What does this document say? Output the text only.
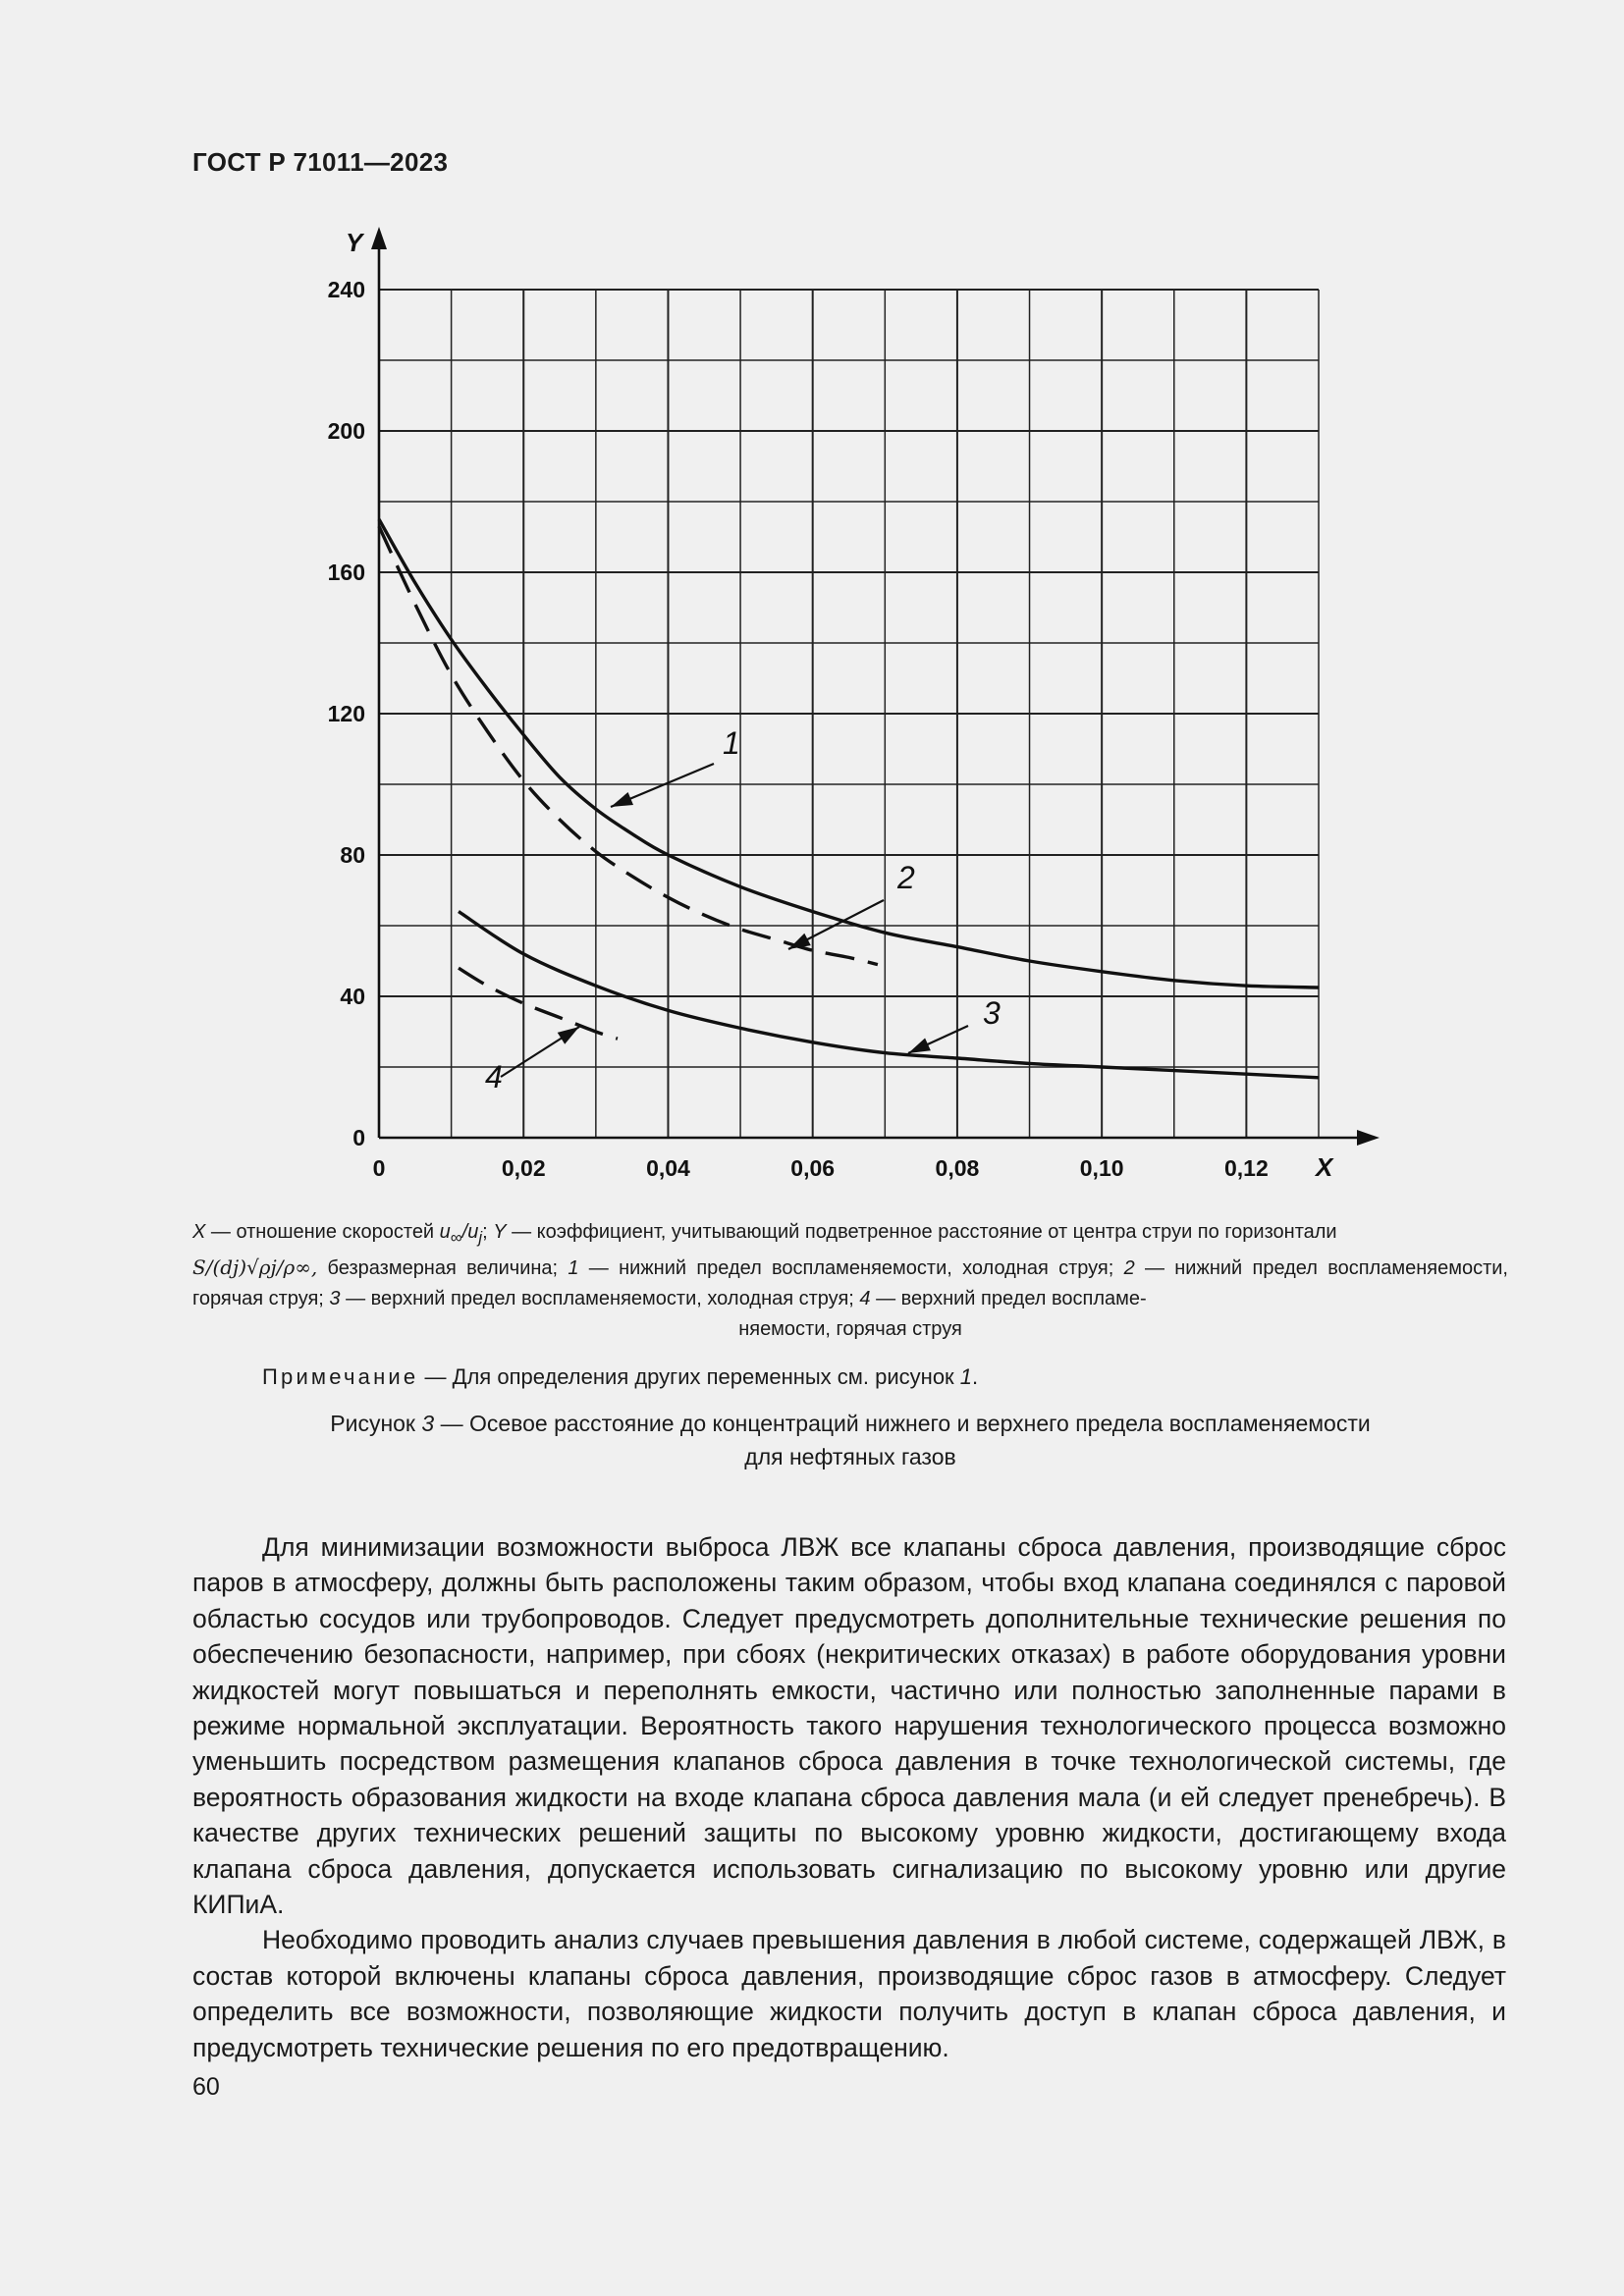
ГОСТ Р 71011—2023
0	0,02	0,04	0,06	0,08	0,10	0,12
0
40
80
120
160
200
240
X
Y
1
2
3
4
X — отношение скоростей $u_\infty/u_j$; Y — коэффициент, учитывающий подветренное расстояние от центра струи по горизонтали
S/(dj)√ρj/ρ∞, безразмерная величина; 1 — нижний предел воспламеняемости, холодная струя; 2 — нижний предел воспламеняемости, горячая струя; 3 — верхний предел воспламеняемости, холодная струя; 4 — верхний предел воспламе-
няемости, горячая струя
Примечание — Для определения других переменных см. рисунок 1.
Рисунок 3 — Осевое расстояние до концентраций нижнего и верхнего предела воспламеняемости
для нефтяных газов

Для минимизации возможности выброса ЛВЖ все клапаны сброса давления, производящие сброс паров в атмосферу, должны быть расположены таким образом, чтобы вход клапана соединялся с паровой областью сосудов или трубопроводов. Следует предусмотреть дополнительные технические решения по обеспечению безопасности, например, при сбоях (некритических отказах) в работе оборудования уровни жидкостей могут повышаться и переполнять емкости, частично или полностью заполненные парами в режиме нормальной эксплуатации. Вероятность такого нарушения технологического процесса возможно уменьшить посредством размещения клапанов сброса давления в точке технологической системы, где вероятность образования жидкости на входе клапана сброса давления мала (и ей следует пренебречь). В качестве других технических решений защиты по высокому уровню жидкости, достигающему входа клапана сброса давления, допускается использовать сигнализацию по высокому уровню или другие КИПиА.

Необходимо проводить анализ случаев превышения давления в любой системе, содержащей ЛВЖ, в состав которой включены клапаны сброса давления, производящие сброс газов в атмосферу. Следует определить все возможности, позволяющие жидкости получить доступ в клапан сброса давления, и предусмотреть технические решения по его предотвращению.

60
